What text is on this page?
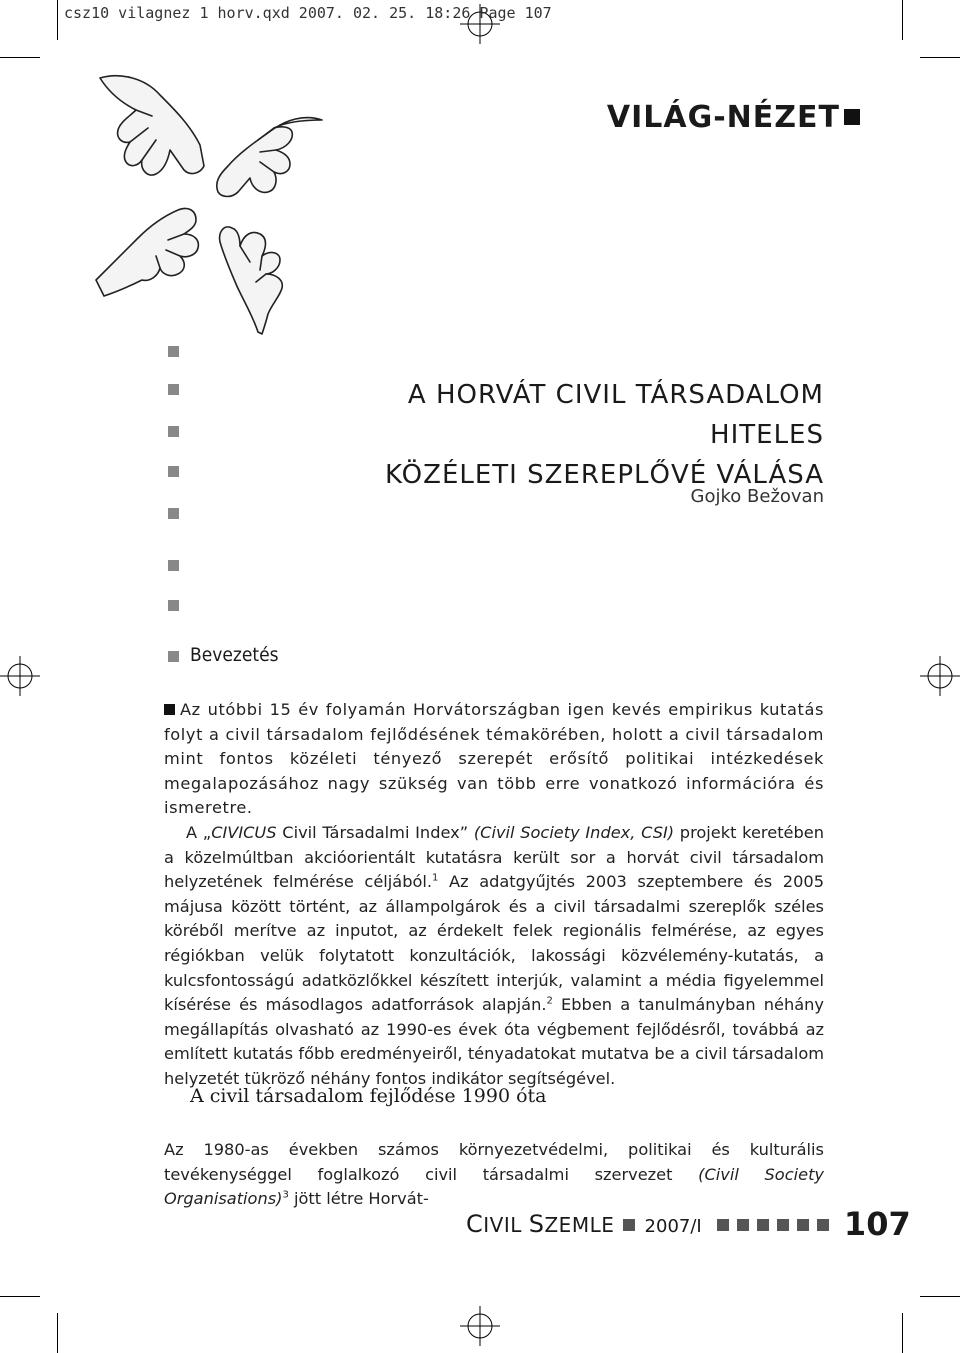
csz10 vilagnez 1 horv.qxd 2007. 02. 25. 18:26 Page 107
VILÁG-NÉZET
A HORVÁT CIVIL TÁRSADALOM HITELES
KÖZÉLETI SZEREPLŐVÉ VÁLÁSA
Gojko Bežovan
Bevezetés

Az utóbbi 15 év folyamán Horvátországban igen kevés empirikus kutatás folyt a civil társadalom fejlődésének témakörében, holott a civil társadalom mint fontos közéleti tényező szerepét erősítő politikai intézkedések megalapozásához nagy szükség van több erre vonatkozó információra és ismeretre.

A „CIVICUS Civil Társadalmi Index” (Civil Society Index, CSI) projekt keretében a közelmúltban akcióorientált kutatásra került sor a horvát civil társadalom helyzetének felmérése céljából.$^1$ Az adatgyűjtés 2003 szeptembere és 2005 májusa között történt, az állampolgárok és a civil társadalmi szereplők széles köréből merítve az inputot, az érdekelt felek regionális felmérése, az egyes régiókban velük folytatott konzultációk, lakossági közvélemény-kutatás, a kulcsfontosságú adatközlőkkel készített interjúk, valamint a média figyelemmel kísérése és másodlagos adatforrások alapján.$^2$ Ebben a tanulmányban néhány megállapítás olvasható az 1990-es évek óta végbement fejlődésről, továbbá az említett kutatás főbb eredményeiről, tényadatokat mutatva be a civil társadalom helyzetét tükröző néhány fontos indikátor segítségével.

A civil társadalom fejlődése 1990 óta

Az 1980-as években számos környezetvédelmi, politikai és kulturális tevékenységgel foglalkozó civil társadalmi szervezet (Civil Society Organisations)$^3$ jött létre Horvát-

CIVIL SZEMLE 2007/I	107
